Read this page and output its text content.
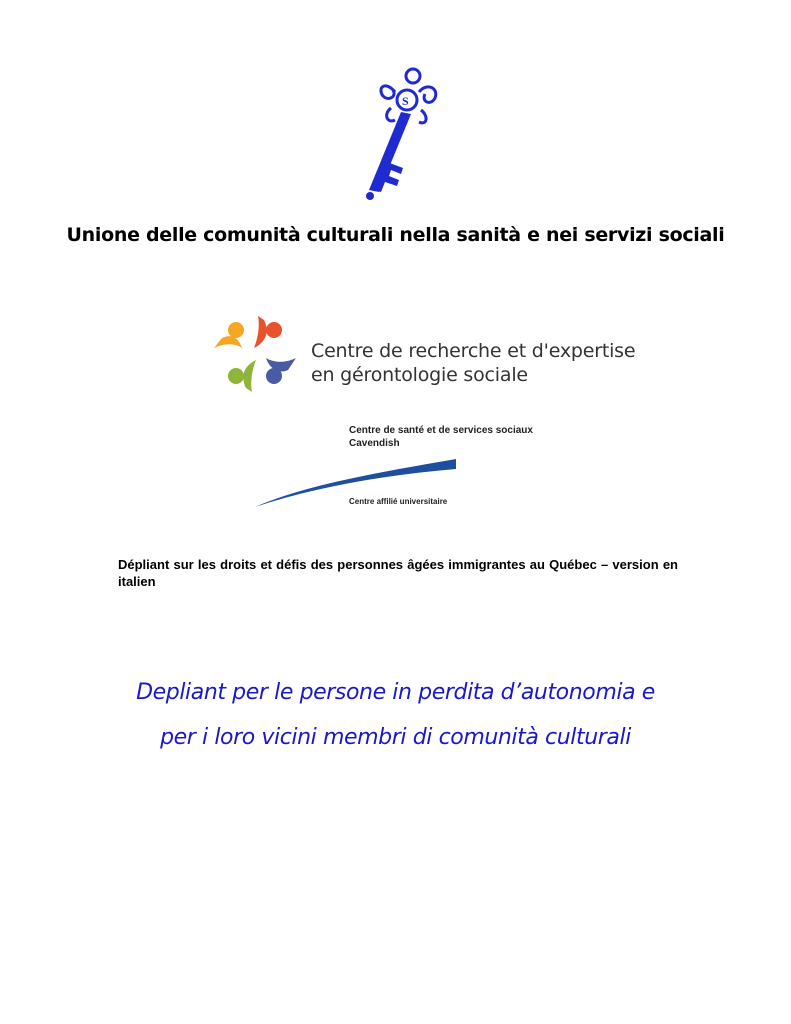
S
Unione delle comunità culturali nella sanità e nei servizi sociali
Centre de recherche et d'expertise
en gérontologie sociale
Centre de santé et de services sociaux
Cavendish
Centre affilié universitaire
Dépliant sur les droits et défis des personnes âgées immigrantes au Québec – version en italien
Depliant per le persone in perdita d’autonomia e
per i loro vicini membri di comunità culturali
